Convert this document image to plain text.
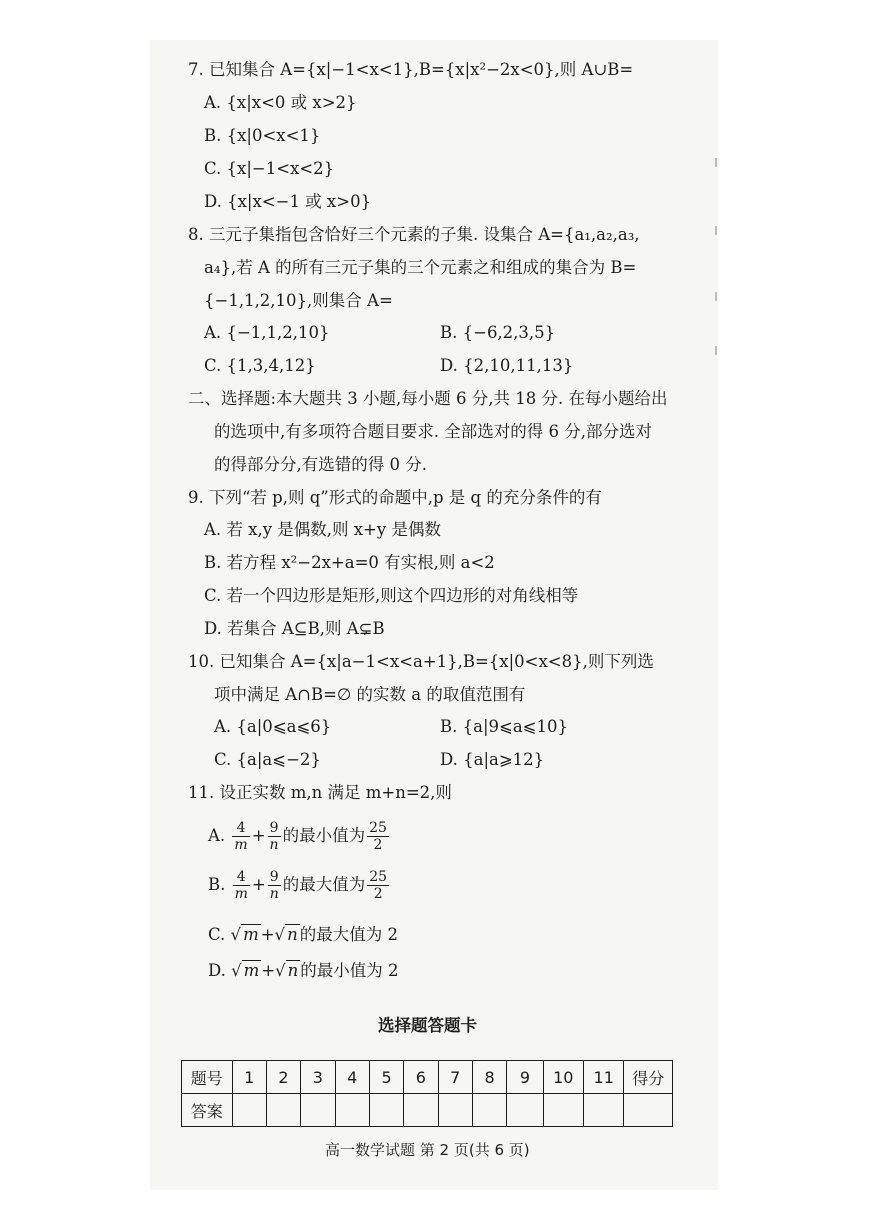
7. 已知集合 A={x|−1<x<1},B={x|x²−2x<0},则 A∪B=
A. {x|x<0 或 x>2}
B. {x|0<x<1}
C. {x|−1<x<2}
D. {x|x<−1 或 x>0}
8. 三元子集指包含恰好三个元素的子集. 设集合 A={a₁,a₂,a₃,
a₄},若 A 的所有三元子集的三个元素之和组成的集合为 B=
{−1,1,2,10},则集合 A=
A. {−1,1,2,10}	B. {−6,2,3,5}
C. {1,3,4,12}	D. {2,10,11,13}
二、选择题:本大题共 3 小题,每小题 6 分,共 18 分. 在每小题给出
的选项中,有多项符合题目要求. 全部选对的得 6 分,部分选对
的得部分分,有选错的得 0 分.
9. 下列“若 p,则 q”形式的命题中,p 是 q 的充分条件的有
A. 若 x,y 是偶数,则 x+y 是偶数
B. 若方程 x²−2x+a=0 有实根,则 a<2
C. 若一个四边形是矩形,则这个四边形的对角线相等
D. 若集合 A⊆B,则 A⊊B
10. 已知集合 A={x|a−1<x<a+1},B={x|0<x<8},则下列选
项中满足 A∩B=∅ 的实数 a 的取值范围有
A. {a|0⩽a⩽6}	B. {a|9⩽a⩽10}
C. {a|a⩽−2}	D. {a|a⩾12}
11. 设正实数 m,n 满足 m+n=2,则
A. $\frac{4}{m} + \frac{9}{n}$ 的最小值为 $\frac{25}{2}$
B. $\frac{4}{m} + \frac{9}{n}$ 的最大值为 $\frac{25}{2}$
C. √ m +√ n 的最大值为 2
D. √ m +√ n 的最小值为 2
选择题答题卡
题号	1	2	3	4	5	6	7	8	9	10	11	得分
答案												
高一数学试题 第 2 页(共 6 页)
